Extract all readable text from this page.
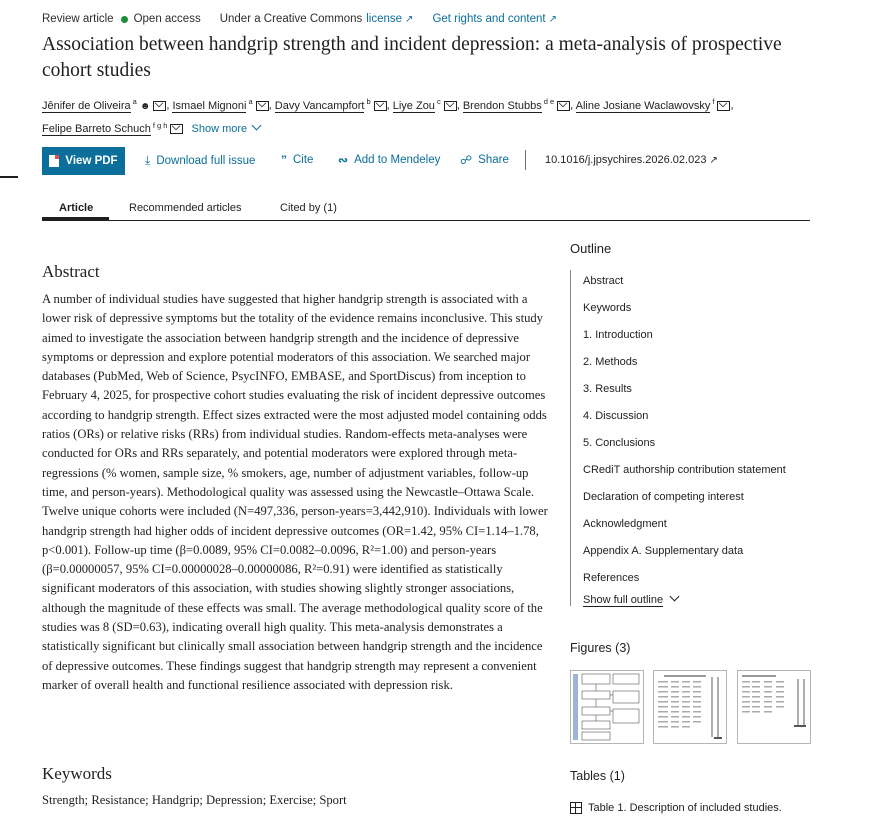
Review article Open access Under a Creative Commons license ↗ Get rights and content ↗
Association between handgrip strength and incident depression: a meta-analysis of prospective cohort studies
Jênifer de Oliveira $^a$ ☻ , Ismael Mignoni $^a$ , Davy Vancampfort $^b$ , Liye Zou $^c$ , Brendon Stubbs $^{d e}$ , Aline Josiane Waclawovsky $^f$ ,
Felipe Barreto Schuch $^{f g h}$ Show more
View PDF ⤓ Download full issue ” Cite ∾ Add to Mendeley ☍ Share	10.1016/j.jpsychires.2026.02.023 ↗
Article	Recommended articles	Cited by (1)
Abstract
A number of individual studies have suggested that higher handgrip strength is associated with a lower risk of depressive symptoms but the totality of the evidence remains inconclusive. This study aimed to investigate the association between handgrip strength and the incidence of depressive symptoms or depression and explore potential moderators of this association. We searched major databases (PubMed, Web of Science, PsycINFO, EMBASE, and SportDiscus) from inception to February 4, 2025, for prospective cohort studies evaluating the risk of incident depressive outcomes according to handgrip strength. Effect sizes extracted were the most adjusted model containing odds ratios (ORs) or relative risks (RRs) from individual studies. Random-effects meta-analyses were conducted for ORs and RRs separately, and potential moderators were explored through meta-regressions (% women, sample size, % smokers, age, number of adjustment variables, follow-up time, and person-years). Methodological quality was assessed using the Newcastle–Ottawa Scale. Twelve unique cohorts were included (N=497,336, person-years=3,442,910). Individuals with lower handgrip strength had higher odds of incident depressive outcomes (OR=1.42, 95% CI=1.14–1.78, p<0.001). Follow-up time (β=0.0089, 95% CI=0.0082–0.0096, R²=1.00) and person-years (β=0.00000057, 95% CI=0.00000028–0.00000086, R²=0.91) were identified as statistically significant moderators of this association, with studies showing slightly stronger associations, although the magnitude of these effects was small. The average methodological quality score of the studies was 8 (SD=0.63), indicating overall high quality. This meta-analysis demonstrates a statistically significant but clinically small association between handgrip strength and the incidence of depressive outcomes. These findings suggest that handgrip strength may represent a convenient marker of overall health and functional resilience associated with depression risk.
Keywords
Strength; Resistance; Handgrip; Depression; Exercise; Sport
Outline
Abstract
Keywords
1. Introduction
2. Methods
3. Results
4. Discussion
5. Conclusions
CRediT authorship contribution statement
Declaration of competing interest
Acknowledgment
Appendix A. Supplementary data
References
Show full outline
Figures (3)
Tables (1)
Table 1. Description of included studies.
